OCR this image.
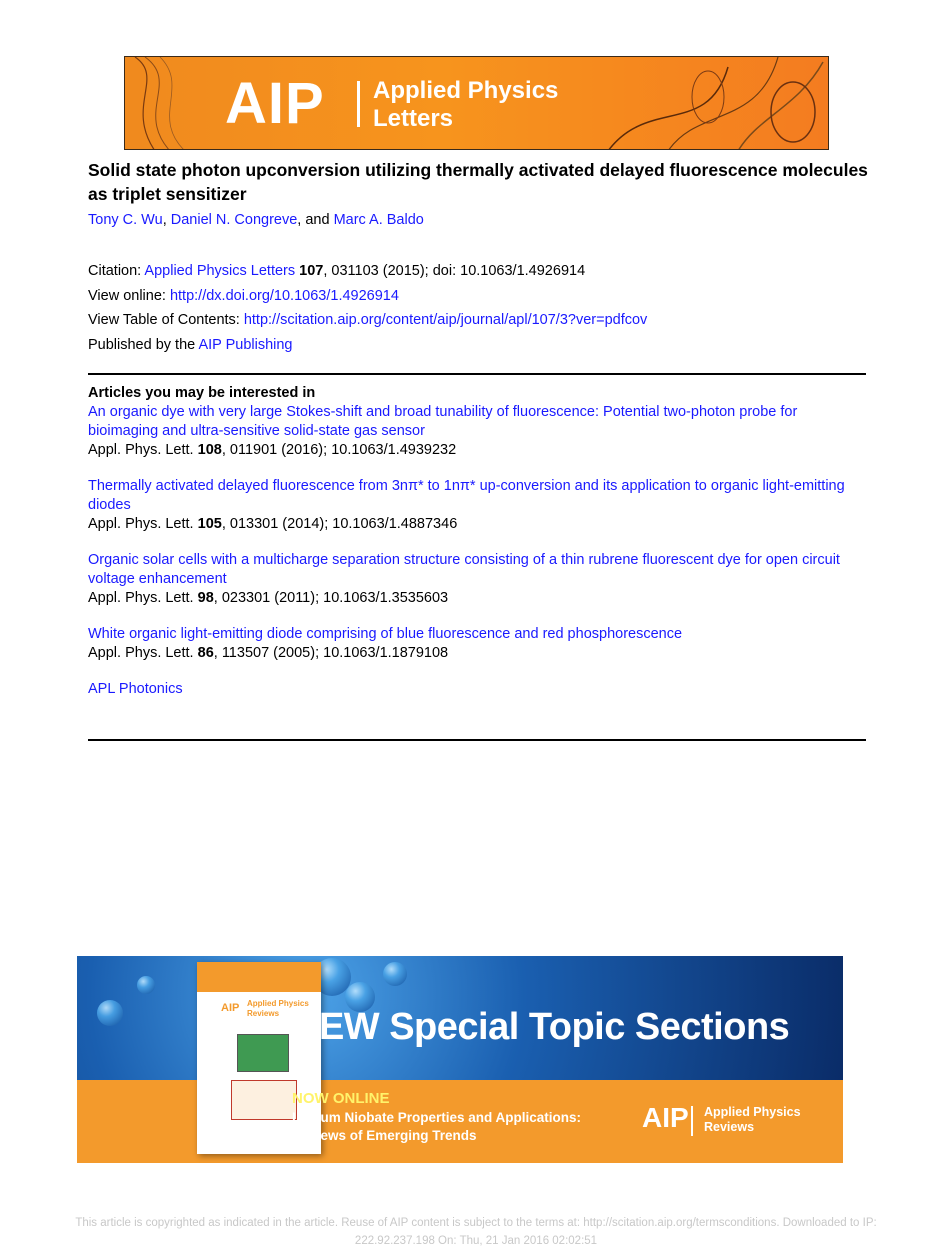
AIP Applied Physics
Letters
Solid state photon upconversion utilizing thermally activated delayed fluorescence molecules as triplet sensitizer
Tony C. Wu, Daniel N. Congreve, and Marc A. Baldo
Citation: Applied Physics Letters 107, 031103 (2015); doi: 10.1063/1.4926914
View online: http://dx.doi.org/10.1063/1.4926914
View Table of Contents: http://scitation.aip.org/content/aip/journal/apl/107/3?ver=pdfcov
Published by the AIP Publishing
Articles you may be interested in
An organic dye with very large Stokes-shift and broad tunability of fluorescence: Potential two-photon probe for bioimaging and ultra-sensitive solid-state gas sensor
Appl. Phys. Lett. 108, 011901 (2016); 10.1063/1.4939232
Thermally activated delayed fluorescence from 3nπ* to 1nπ* up-conversion and its application to organic light-emitting diodes
Appl. Phys. Lett. 105, 013301 (2014); 10.1063/1.4887346
Organic solar cells with a multicharge separation structure consisting of a thin rubrene fluorescent dye for open circuit voltage enhancement
Appl. Phys. Lett. 98, 023301 (2011); 10.1063/1.3535603
White organic light-emitting diode comprising of blue fluorescence and red phosphorescence
Appl. Phys. Lett. 86, 113507 (2005); 10.1063/1.1879108
APL Photonics
AIP Applied Physics
Reviews NEW Special Topic Sections
NOW ONLINE
Lithium Niobate Properties and Applications:
Reviews of Emerging Trends
AIP Applied Physics
Reviews
This article is copyrighted as indicated in the article. Reuse of AIP content is subject to the terms at: http://scitation.aip.org/termsconditions. Downloaded to IP:
222.92.237.198 On: Thu, 21 Jan 2016 02:02:51
